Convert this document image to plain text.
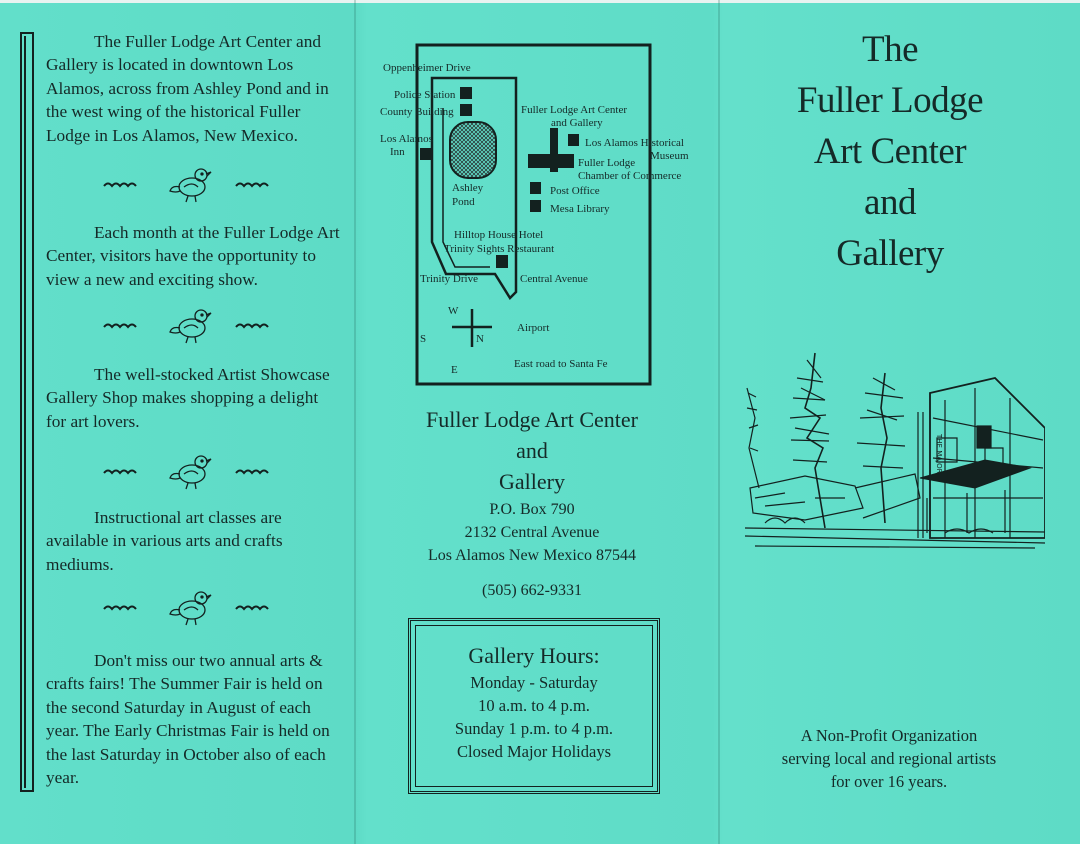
The Fuller Lodge Art Center and Gallery is located in downtown Los Alamos, across from Ashley Pond and in the west wing of the historical Fuller Lodge in Los Alamos, New Mexico.

Each month at the Fuller Lodge Art Center, visitors have the opportunity to view a new and exciting show.

The well-stocked Artist Showcase Gallery Shop makes shopping a delight for art lovers.

Instructional art classes are available in various arts and crafts mediums.

Don't miss our two annual arts & crafts fairs! The Summer Fair is held on the second Saturday in August of each year. The Early Christmas Fair is held on the last Saturday in October also of each year.

Oppenheimer Drive
Police Station
County Building
Los Alamos
Inn
Ashley
Pond
Fuller Lodge Art Center
and Gallery
Los Alamos Historical
Museum
Fuller Lodge
Chamber of Commerce
Post Office
Mesa Library
Hilltop House Hotel
Trinity Sights Restaurant
Trinity Drive	Central Avenue
Airport
East road to Santa Fe
W
S	N
E
Fuller Lodge Art Center
and
Gallery
P.O. Box 790
2132 Central Avenue
Los Alamos New Mexico 87544
(505) 662-9331
Gallery Hours:
Monday - Saturday
10 a.m. to 4 p.m.
Sunday 1 p.m. to 4 p.m.
Closed Major Holidays
The
Fuller Lodge
Art Center
and
Gallery
THE MAJOR
A Non-Profit Organization
serving local and regional artists
for over 16 years.
